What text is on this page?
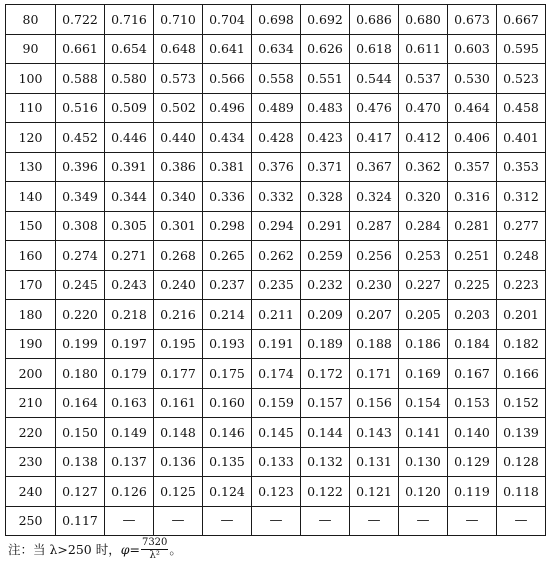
80	0.722	0.716	0.710	0.704	0.698	0.692	0.686	0.680	0.673	0.667
90	0.661	0.654	0.648	0.641	0.634	0.626	0.618	0.611	0.603	0.595
100	0.588	0.580	0.573	0.566	0.558	0.551	0.544	0.537	0.530	0.523
110	0.516	0.509	0.502	0.496	0.489	0.483	0.476	0.470	0.464	0.458
120	0.452	0.446	0.440	0.434	0.428	0.423	0.417	0.412	0.406	0.401
130	0.396	0.391	0.386	0.381	0.376	0.371	0.367	0.362	0.357	0.353
140	0.349	0.344	0.340	0.336	0.332	0.328	0.324	0.320	0.316	0.312
150	0.308	0.305	0.301	0.298	0.294	0.291	0.287	0.284	0.281	0.277
160	0.274	0.271	0.268	0.265	0.262	0.259	0.256	0.253	0.251	0.248
170	0.245	0.243	0.240	0.237	0.235	0.232	0.230	0.227	0.225	0.223
180	0.220	0.218	0.216	0.214	0.211	0.209	0.207	0.205	0.203	0.201
190	0.199	0.197	0.195	0.193	0.191	0.189	0.188	0.186	0.184	0.182
200	0.180	0.179	0.177	0.175	0.174	0.172	0.171	0.169	0.167	0.166
210	0.164	0.163	0.161	0.160	0.159	0.157	0.156	0.154	0.153	0.152
220	0.150	0.149	0.148	0.146	0.145	0.144	0.143	0.141	0.140	0.139
230	0.138	0.137	0.136	0.135	0.133	0.132	0.131	0.130	0.129	0.128
240	0.127	0.126	0.125	0.124	0.123	0.122	0.121	0.120	0.119	0.118
250	0.117	—	—	—	—	—	—	—	—	—
注：当 λ>250 时， $\varphi = \frac{7320}{\text{λ²}}$ 。
